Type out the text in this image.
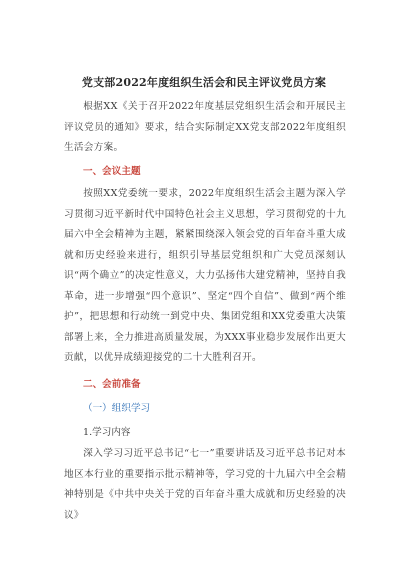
党支部2022年度组织生活会和民主评议党员方案
根据XX《关于召开2022年度基层党组织生活会和开展民主评议党员的通知》要求，结合实际制定XX党支部2022年度组织生活会方案。
一、会议主题
按照XX党委统一要求，2022年度组织生活会主题为深入学习贯彻习近平新时代中国特色社会主义思想，学习贯彻党的十九届六中全会精神为主题，紧紧围绕深入领会党的百年奋斗重大成就和历史经验来进行，组织引导基层党组织和广大党员深刻认识“两个确立”的决定性意义，大力弘扬伟大建党精神，坚持自我革命，进一步增强“四个意识”、坚定“四个自信”、做到“两个维护”，把思想和行动统一到党中央、集团党组和XX党委重大决策部署上来，全力推进高质量发展，为XXX事业稳步发展作出更大贡献，以优异成绩迎接党的二十大胜利召开。
二、会前准备
（一）组织学习
1.学习内容
深入学习习近平总书记“七一”重要讲话及习近平总书记对本地区本行业的重要指示批示精神等，学习党的十九届六中全会精神特别是《中共中央关于党的百年奋斗重大成就和历史经验的决议》
